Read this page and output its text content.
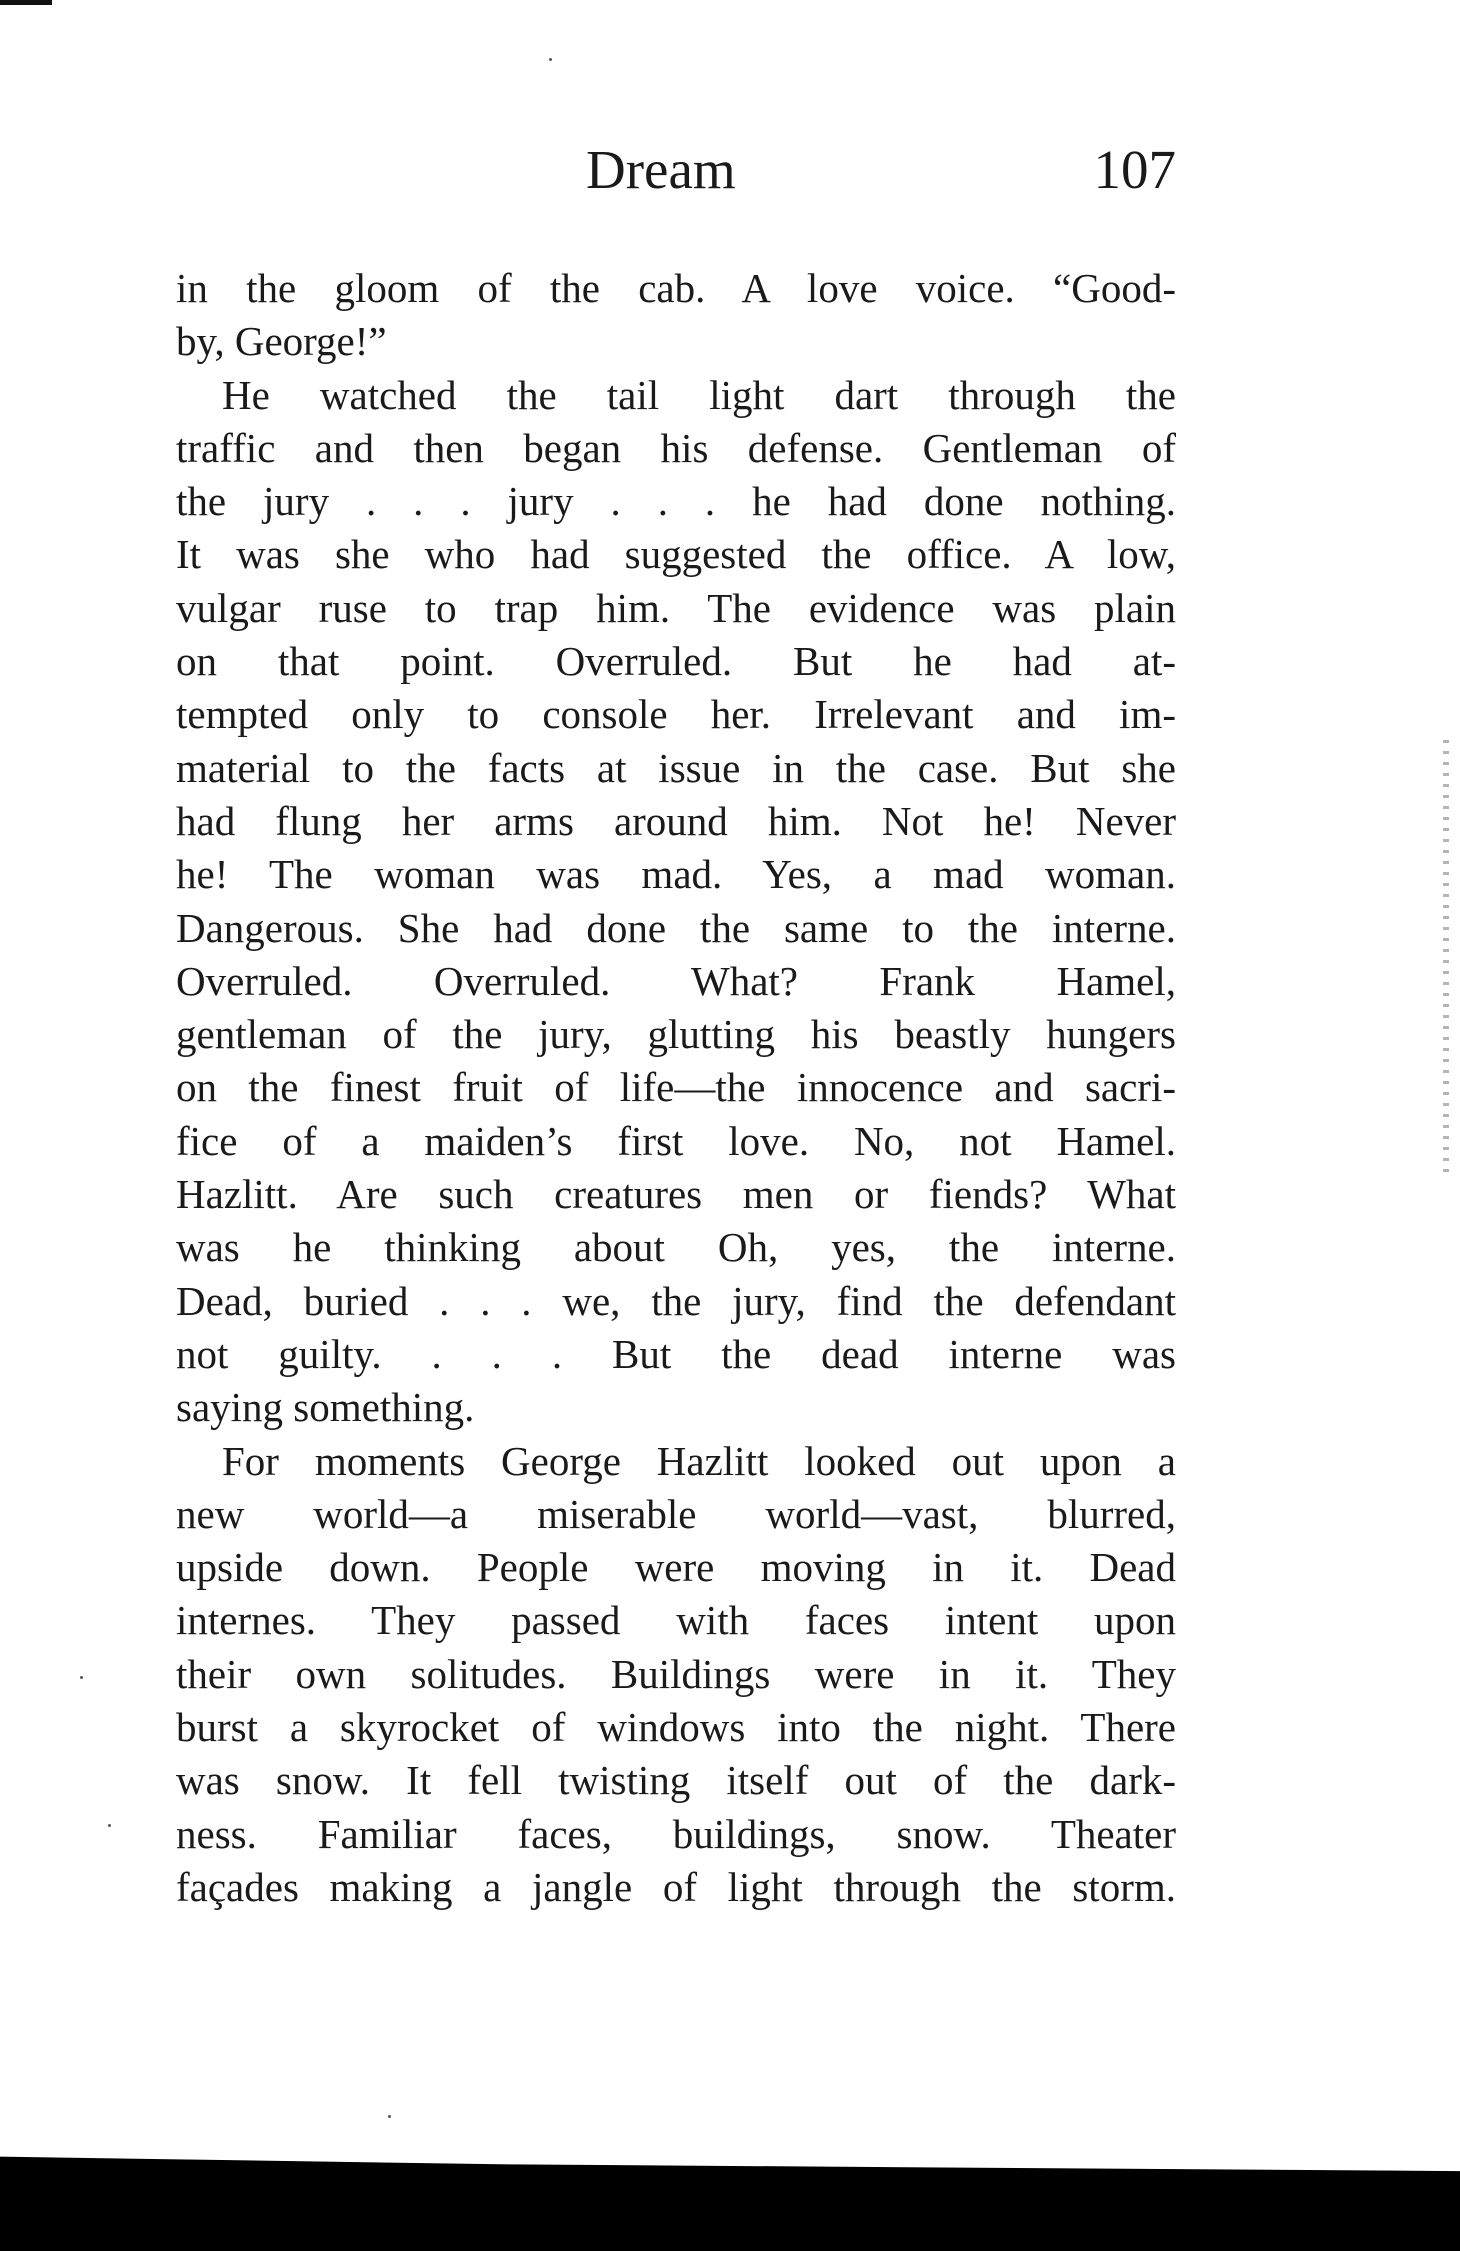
Dream	107
in the gloom of the cab. A love voice. “Good-
by, George!”
He watched the tail light dart through the
traffic and then began his defense. Gentleman of
the jury . . . jury . . . he had done nothing.
It was she who had suggested the office. A low,
vulgar ruse to trap him. The evidence was plain
on that point. Overruled. But he had at-
tempted only to console her. Irrelevant and im-
material to the facts at issue in the case. But she
had flung her arms around him. Not he! Never
he! The woman was mad. Yes, a mad woman.
Dangerous. She had done the same to the interne.
Overruled. Overruled. What? Frank Hamel,
gentleman of the jury, glutting his beastly hungers
on the finest fruit of life—the innocence and sacri-
fice of a maiden’s first love. No, not Hamel.
Hazlitt. Are such creatures men or fiends? What
was he thinking about Oh, yes, the interne.
Dead, buried . . . we, the jury, find the defendant
not guilty. . . . But the dead interne was
saying something.
For moments George Hazlitt looked out upon a
new world—a miserable world—vast, blurred,
upside down. People were moving in it. Dead
internes. They passed with faces intent upon
their own solitudes. Buildings were in it. They
burst a skyrocket of windows into the night. There
was snow. It fell twisting itself out of the dark-
ness. Familiar faces, buildings, snow. Theater
façades making a jangle of light through the storm.
